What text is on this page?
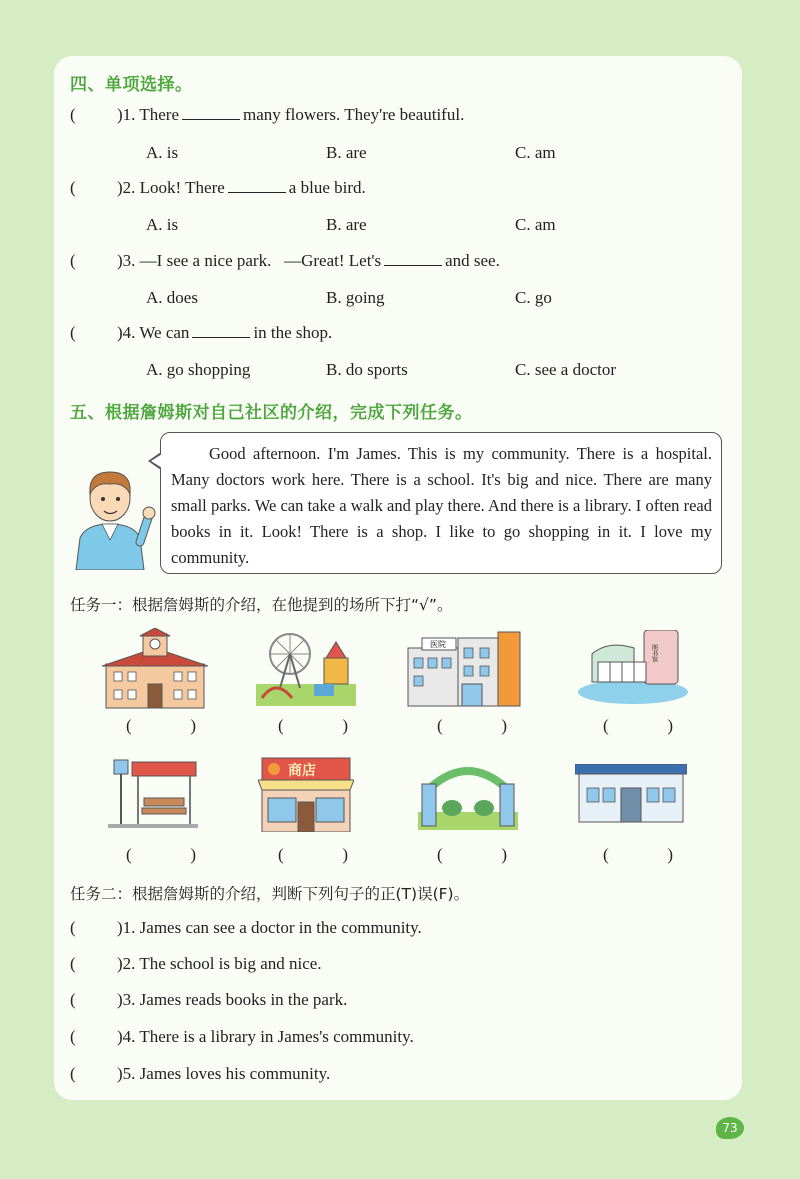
四、单项选择。
( )1. There	many flowers. They're beautiful.
A. is	B. are	C. am
( )2. Look! There	a blue bird.
A. is	B. are	C. am
( )3. —I see a nice park.   —Great! Let's	and see.
A. does	B. going	C. go
( )4. We can	in the shop.
A. go shopping	B. do sports	C. see a doctor
五、根据詹姆斯对自己社区的介绍，完成下列任务。
Good afternoon. I'm James. This is my community. There is a hospital. Many doctors work here. There is a school. It's big and nice. There are many small parks. We can take a walk and play there. And there is a library. I often read books in it. Look! There is a shop. I like to go shopping in it. I love my community.
任务一：根据詹姆斯的介绍，在他提到的场所下打“√”。
医院	图书馆
(	)	(	)	(	)	(	)
商店
(	)	(	)	(	)	(	)
任务二：根据詹姆斯的介绍，判断下列句子的正(T)误(F)。
( )1. James can see a doctor in the community.
( )2. The school is big and nice.
( )3. James reads books in the park.
( )4. There is a library in James's community.
( )5. James loves his community.
73
